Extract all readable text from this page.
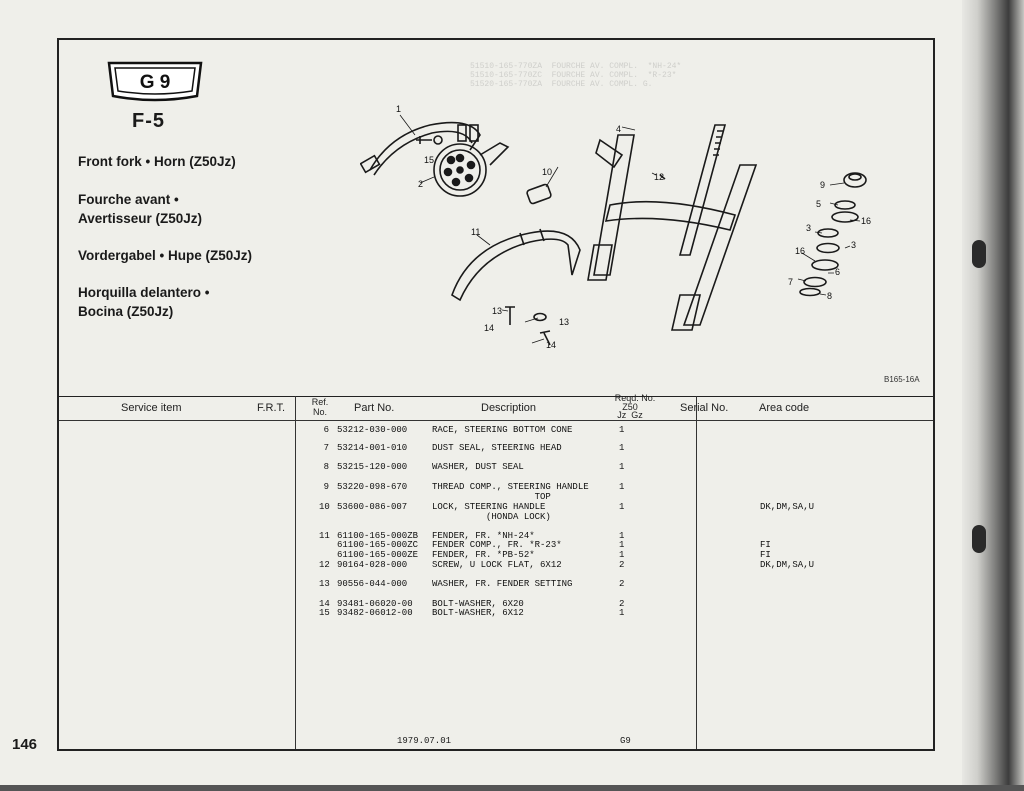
51510-165-770ZA  FOURCHE AV. COMPL.  *NH-24*
51510-165-770ZC  FOURCHE AV. COMPL.  *R-23*
51520-165-770ZA  FOURCHE AV. COMPL. G.
146
G 9
F-5
Front fork • Horn (Z50Jz)
Fourche avant •
Avertisseur (Z50Jz)
Vordergabel • Hupe (Z50Jz)
Horquilla delantero •
Bocina (Z50Jz)
1
2
15
4
10	12
11
13
14
13
14
9
5
16
3
3
16
6
7
8
B165-16A
Service item	F.R.T.	Ref.
No.	Part No.	Description
Reqd. No.
Z50
Jz  Gz
Serial No.	Area code
6 53212-030-000	RACE, STEERING BOTTOM CONE	1
7 53214-001-010	DUST SEAL, STEERING HEAD	1
8 53215-120-000	WASHER, DUST SEAL	1
9 53220-098-670	THREAD COMP., STEERING HANDLE
TOP
1
10 53600-086-007	LOCK, STEERING HANDLE
(HONDA LOCK)
1	DK,DM,SA,U
11 61100-165-000ZB FENDER, FR. *NH-24*	1
61100-165-000ZC FENDER COMP., FR. *R-23*	1	FI
61100-165-000ZE FENDER, FR. *PB-52*	1	FI
12 90164-028-000	SCREW, U LOCK FLAT, 6X12	2	DK,DM,SA,U
13 90556-044-000	WASHER, FR. FENDER SETTING	2
14 93481-06020-00 BOLT-WASHER, 6X20	2
15 93482-06012-00 BOLT-WASHER, 6X12	1
1979.07.01	G9
